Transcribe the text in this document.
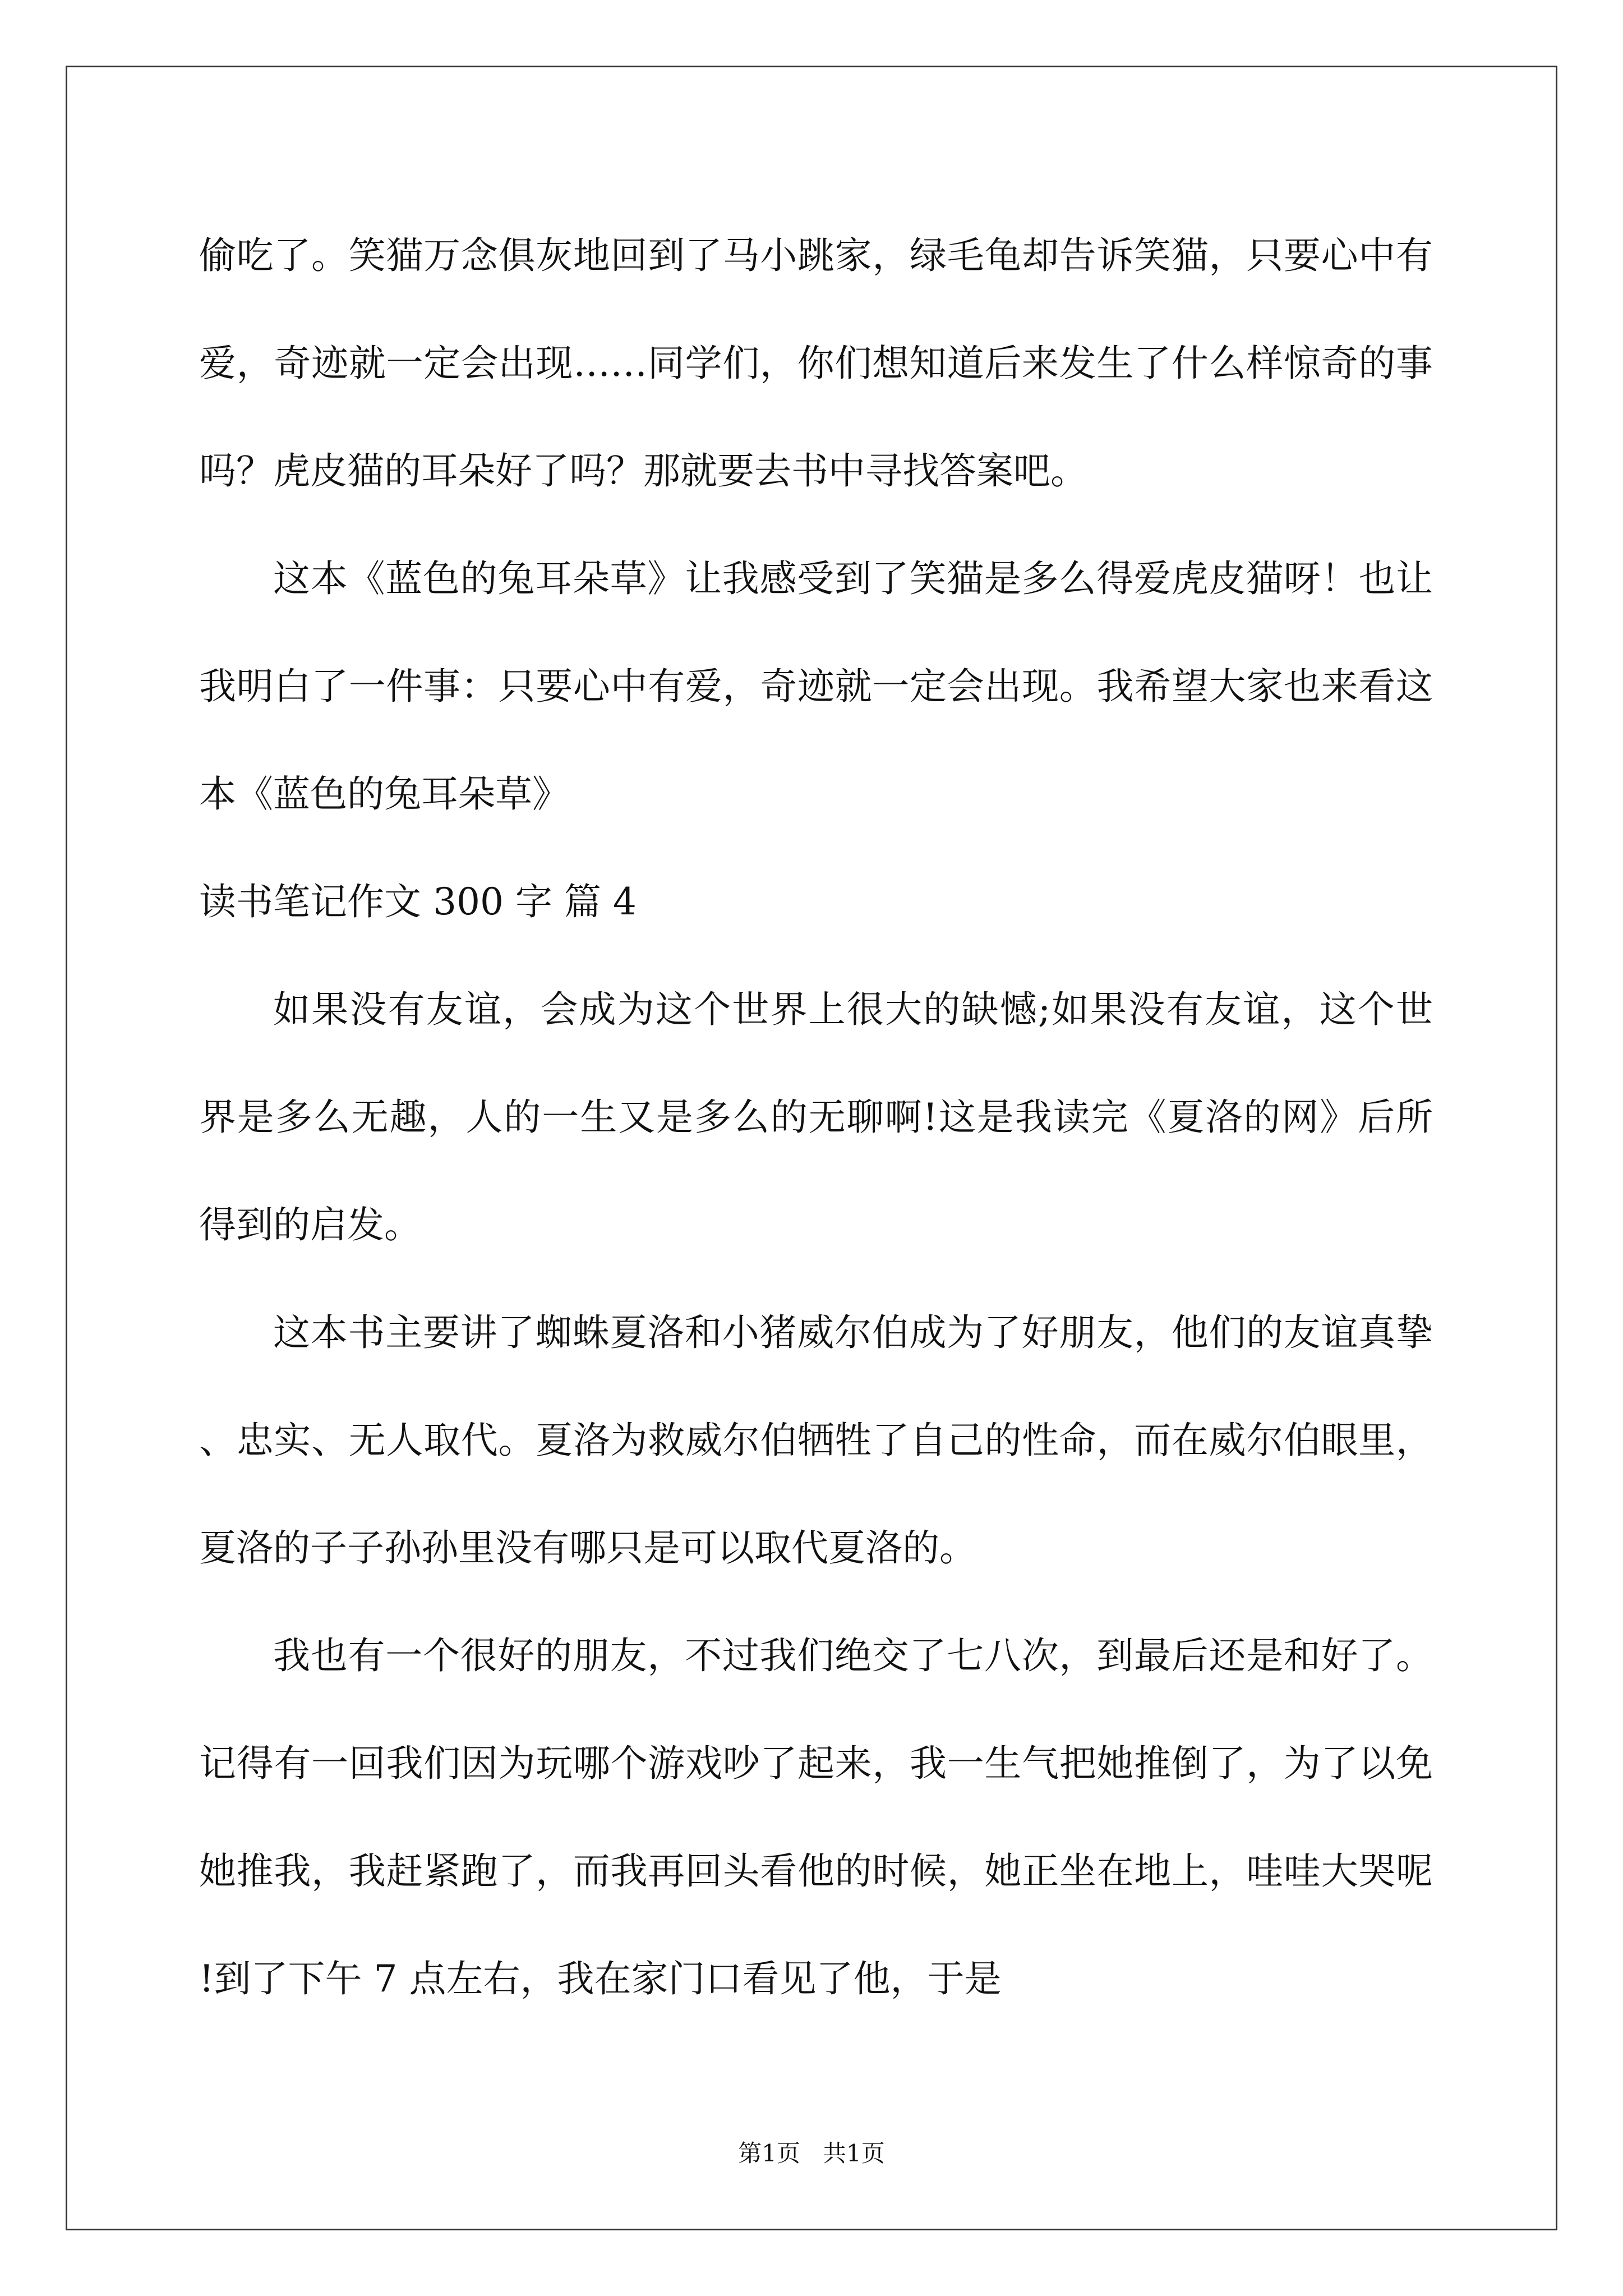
偷吃了。笑猫万念俱灰地回到了马小跳家，绿毛龟却告诉笑猫，只要心中有爱，奇迹就一定会出现……同学们，你们想知道后来发生了什么样惊奇的事吗？虎皮猫的耳朵好了吗？那就要去书中寻找答案吧。

这本《蓝色的兔耳朵草》让我感受到了笑猫是多么得爱虎皮猫呀！也让我明白了一件事：只要心中有爱，奇迹就一定会出现。我希望大家也来看这本《蓝色的兔耳朵草》

读书笔记作文 300 字 篇 4

如果没有友谊，会成为这个世界上很大的缺憾;如果没有友谊，这个世界是多么无趣，人的一生又是多么的无聊啊!这是我读完《夏洛的网》后所得到的启发。

这本书主要讲了蜘蛛夏洛和小猪威尔伯成为了好朋友，他们的友谊真挚、忠实、无人取代。夏洛为救威尔伯牺牲了自己的性命，而在威尔伯眼里，夏洛的子子孙孙里没有哪只是可以取代夏洛的。

我也有一个很好的朋友，不过我们绝交了七八次，到最后还是和好了。记得有一回我们因为玩哪个游戏吵了起来，我一生气把她推倒了，为了以免她推我，我赶紧跑了，而我再回头看他的时候，她正坐在地上，哇哇大哭呢!到了下午 7 点左右，我在家门口看见了他，于是

第1页   共1页
